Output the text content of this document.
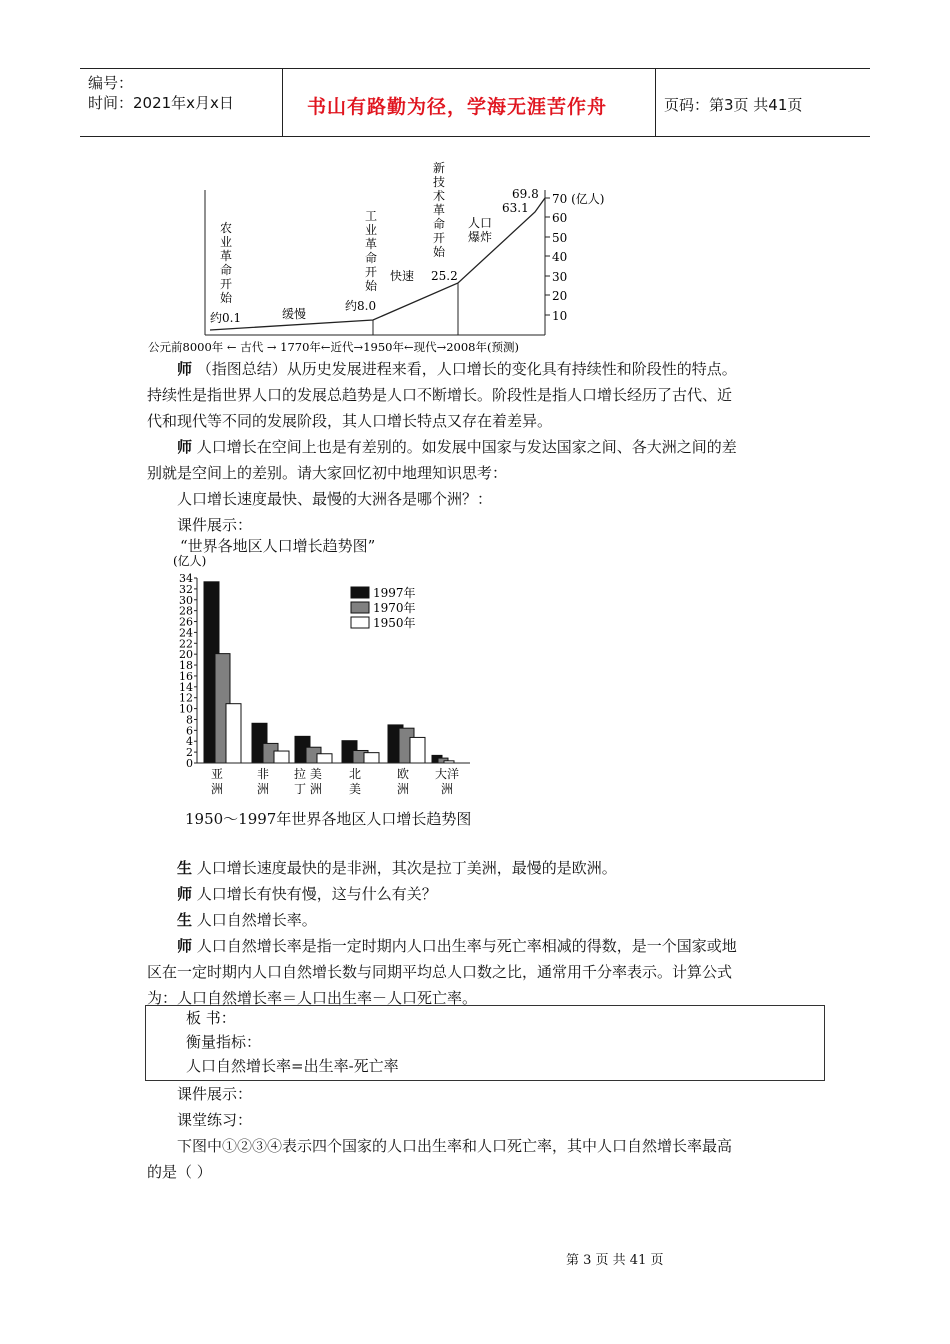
编号：
时间：2021年x月x日	书山有路勤为径，学海无涯苦作舟	页码：第3页 共41页
70 (亿人)
60
50
40
30
20
10
农
业
革
命
开
始
工
业
革
命
开
始
新
技
术
革
命
开
始
人口
爆炸
缓慢
快速
约0.1
约8.0
25.2
63.1
69.8
公元前8000年 ← 古代 → 1770年←近代→1950年←现代→2008年(预测)
师 （指图总结）从历史发展进程来看，人口增长的变化具有持续性和阶段性的特点。
持续性是指世界人口的发展总趋势是人口不断增长。阶段性是指人口增长经历了古代、近
代和现代等不同的发展阶段，其人口增长特点又存在着差异。
师 人口增长在空间上也是有差别的。如发展中国家与发达国家之间、各大洲之间的差
别就是空间上的差别。请大家回忆初中地理知识思考：
人口增长速度最快、最慢的大洲各是哪个洲？：
课件展示：
“世界各地区人口增长趋势图”
(亿人)
34
32
30
28
26
24
22
20
18
16
14
12
10
8
6
4
2
0
1997年
1970年
1950年
亚
洲
非
洲
拉 美
丁 洲
北
美
欧
洲
大洋
洲
1950～1997年世界各地区人口增长趋势图
生 人口增长速度最快的是非洲，其次是拉丁美洲，最慢的是欧洲。
师 人口增长有快有慢，这与什么有关？
生 人口自然增长率。
师 人口自然增长率是指一定时期内人口出生率与死亡率相减的得数，是一个国家或地
区在一定时期内人口自然增长数与同期平均总人口数之比，通常用千分率表示。计算公式
为：人口自然增长率＝人口出生率－人口死亡率。
板 书：
衡量指标：
人口自然增长率=出生率-死亡率
课件展示：
课堂练习：
下图中①②③④表示四个国家的人口出生率和人口死亡率，其中人口自然增长率最高
的是（ ）
第 3 页 共 41 页
